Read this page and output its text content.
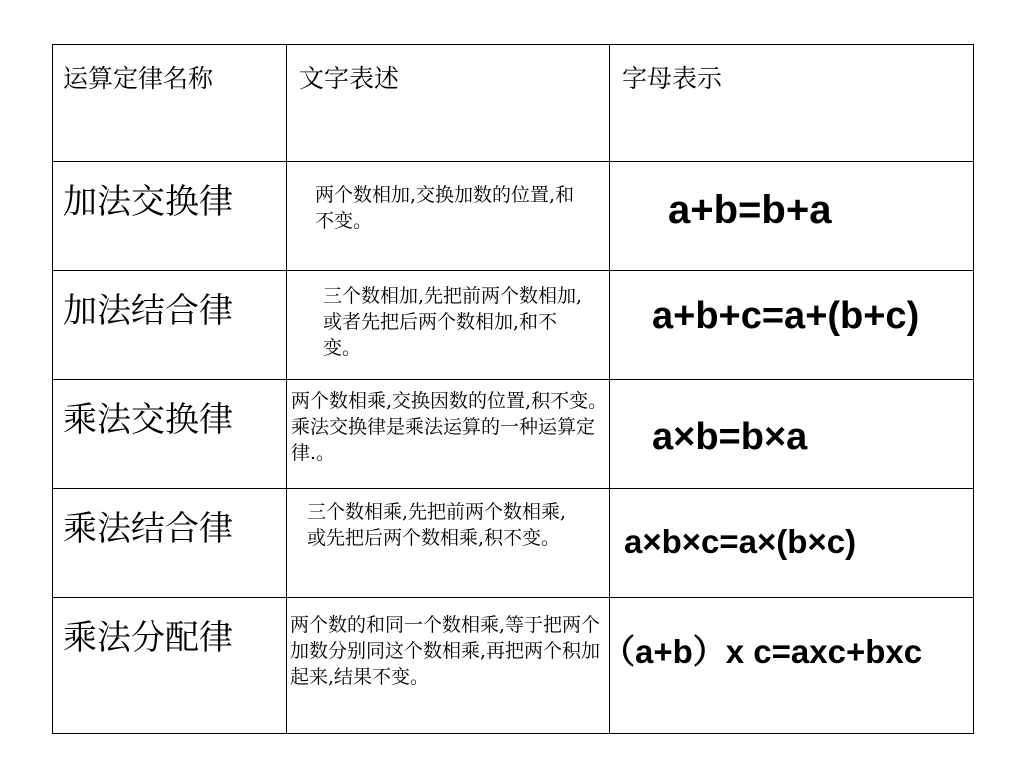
运算定律名称	文字表述	字母表示

加法交换律	两个数相加,交换加数的位置,和不变。	a+b=b+a

加法结合律	三个数相加,先把前两个数相加,或者先把后两个数相加,和不变。	a+b+c=a+(b+c)

乘法交换律	两个数相乘,交换因数的位置,积不变。 乘法交换律是乘法运算的一种运算定律.。	a×b=b×a

乘法结合律	三个数相乘,先把前两个数相乘,或先把后两个数相乘,积不变。	a×b×c=a×(b×c)

乘法分配律	两个数的和同一个数相乘,等于把两个加数分别同这个数相乘,再把两个积加起来,结果不变。	（a+b）x c=axc+bxc
